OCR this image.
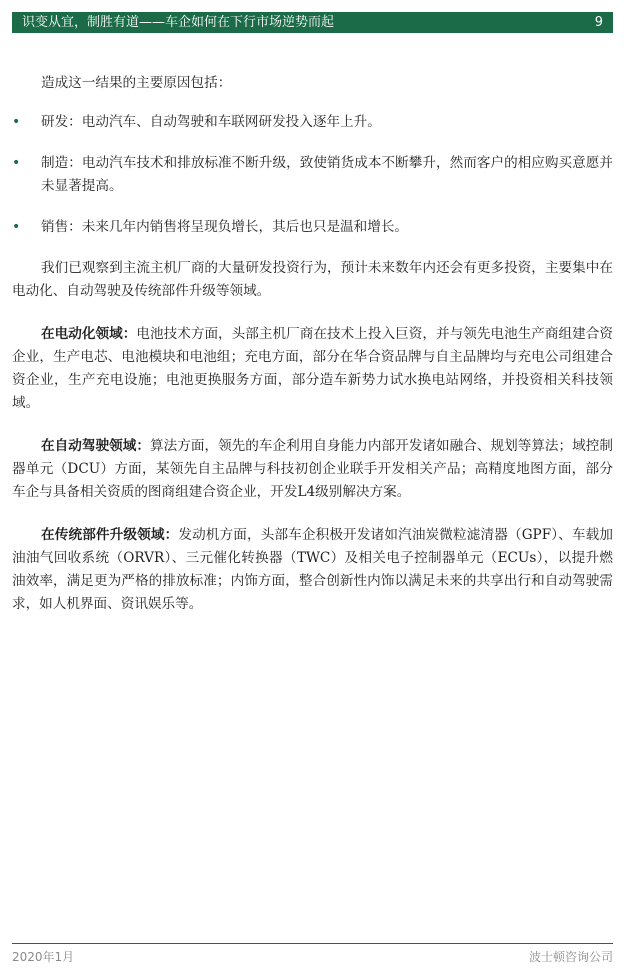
识变从宜，制胜有道——车企如何在下行市场逆势而起	9

造成这一结果的主要原因包括：

• 研发：电动汽车、自动驾驶和车联网研发投入逐年上升。

• 制造：电动汽车技术和排放标准不断升级，致使销货成本不断攀升，然而客户的相应购买意愿并未显著提高。

• 销售：未来几年内销售将呈现负增长，其后也只是温和增长。

我们已观察到主流主机厂商的大量研发投资行为，预计未来数年内还会有更多投资，主要集中在电动化、自动驾驶及传统部件升级等领域。

在电动化领域：电池技术方面，头部主机厂商在技术上投入巨资，并与领先电池生产商组建合资企业，生产电芯、电池模块和电池组；充电方面，部分在华合资品牌与自主品牌均与充电公司组建合资企业，生产充电设施；电池更换服务方面，部分造车新势力试水换电站网络，并投资相关科技领域。

在自动驾驶领域：算法方面，领先的车企利用自身能力内部开发诸如融合、规划等算法；域控制器单元（DCU）方面，某领先自主品牌与科技初创企业联手开发相关产品；高精度地图方面，部分车企与具备相关资质的图商组建合资企业，开发L4级别解决方案。

在传统部件升级领域：发动机方面，头部车企积极开发诸如汽油炭微粒滤清器（GPF）、车载加油油气回收系统（ORVR）、三元催化转换器（TWC）及相关电子控制器单元（ECUs），以提升燃油效率，满足更为严格的排放标准；内饰方面，整合创新性内饰以满足未来的共享出行和自动驾驶需求，如人机界面、资讯娱乐等。

2020年1月	波士顿咨询公司
